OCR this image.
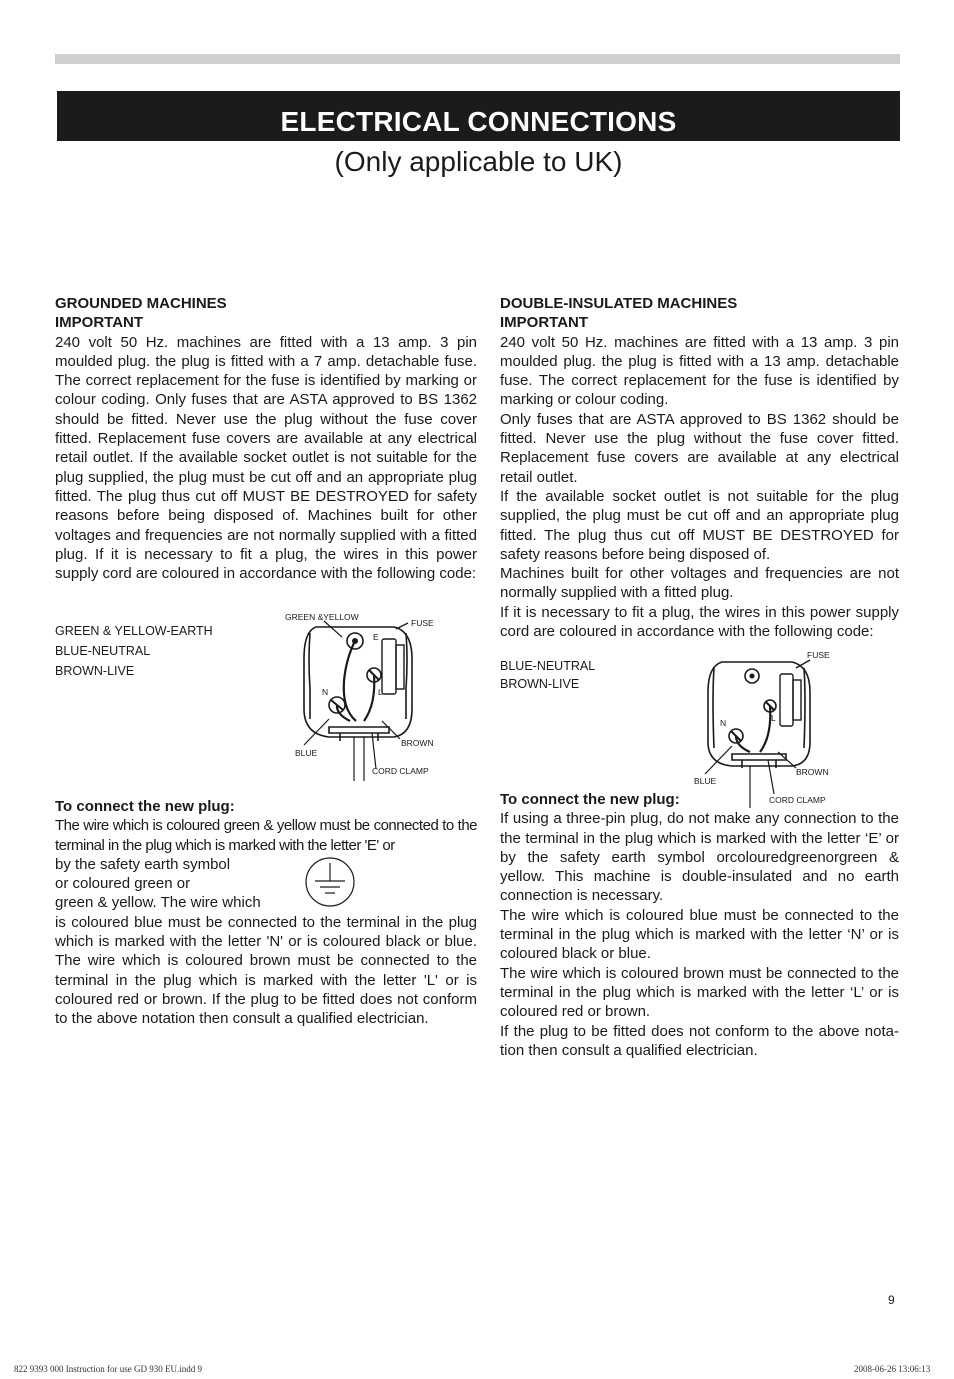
ELECTRICAL CONNECTIONS
(Only applicable to UK)

GROUNDED MACHINES

IMPORTANT

240 volt 50 Hz. machines are fitted with a 13 amp. 3 pin moulded plug. the plug is fitted with a 7 amp. detachable fuse. The correct replacement for the fuse is identified by marking or colour coding. Only fuses that are ASTA approved to BS 1362 should be fitted. Never use the plug without the fuse cover fitted. Replacement fuse covers are available at any electrical retail outlet. If the available socket outlet is not suitable for the plug supplied, the plug must be cut off and an appropriate plug fitted. The plug thus cut off MUST BE DESTROYED for safety reasons before being disposed of. Machines built for other voltages and frequencies are not normally supplied with a fitted plug. If it is necessary to fit a plug, the wires in this power supply cord are coloured in accordance with the following code:

GREEN & YELLOW-EARTH
BLUE-NEUTRAL
BROWN-LIVE
GREEN &YELLOW
FUSE
E
N	L
BLUE
BROWN
CORD CLAMP

To connect the new plug:

The wire which is coloured green & yellow must be connected to the terminal in the plug which is marked with the letter 'E' or

by the safety earth symbol

or coloured green or

green & yellow. The wire which

is coloured blue must be connected to the terminal in the plug which is marked with the letter 'N' or is coloured black or blue. The wire which is coloured brown must be connected to the terminal in the plug which is marked with the letter 'L' or is coloured red or brown. If the plug to be fitted does not conform to the above notation then consult a qualified electrician.

DOUBLE-INSULATED MACHINES

IMPORTANT

240 volt 50 Hz. machines are fitted with a 13 amp. 3 pin moulded plug. the plug is fitted with a 13 amp. detachable fuse. The correct replacement for the fuse is identified by marking or colour coding.

Only fuses that are ASTA approved to BS 1362 should be fitted. Never use the plug without the fuse cover fitted. Replacement fuse covers are available at any electrical retail outlet.

If the available socket outlet is not suitable for the plug supplied, the plug must be cut off and an appropriate plug fitted. The plug thus cut off MUST BE DESTROYED for safety reasons before being disposed of.

Machines built for other voltages and frequencies are not normally supplied with a fitted plug.

If it is necessary to fit a plug, the wires in this power supply cord are coloured in accordance with the following code:

BLUE-NEUTRAL
BROWN-LIVE
FUSE
N	L
BLUE
BROWN
CORD CLAMP

To connect the new plug:

If using a three-pin plug, do not make any connection to the the terminal in the plug which is marked with the letter ‘E’ or by the safety earth symbol orcolouredgreenorgreen & yellow. This machine is double-insulated and no earth connection is necessary.

The wire which is coloured blue must be connected to the terminal in the plug which is marked with the letter ‘N’ or is coloured black or blue.

The wire which is coloured brown must be connected to the terminal in the plug which is marked with the letter ‘L’ or is coloured red or brown.

If the plug to be fitted does not conform to the above nota-tion then consult a qualified electrician.

9
822 9393 000 Instruction for use GD 930 EU.indd 9	2008-06-26 13:06:13
